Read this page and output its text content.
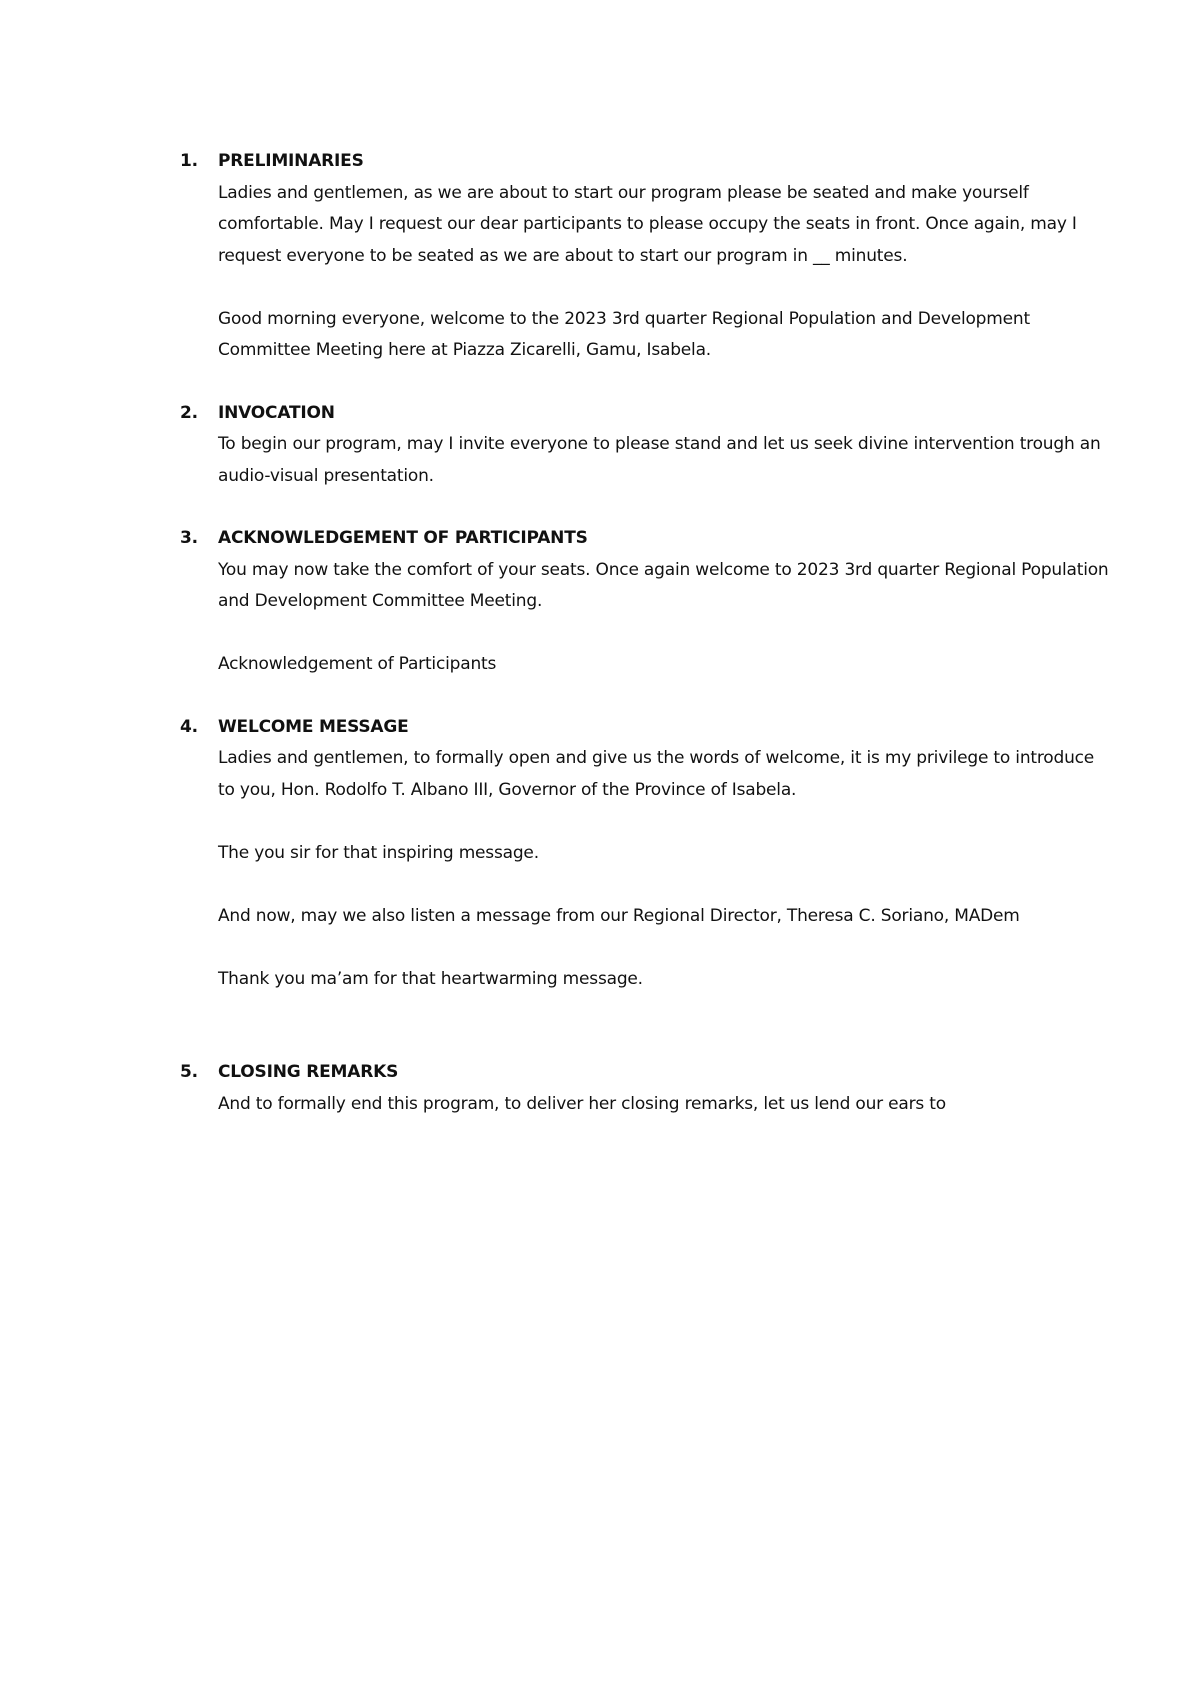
1.	PRELIMINARIES

Ladies and gentlemen, as we are about to start our program please be seated and make yourself comfortable. May I request our dear participants to please occupy the seats in front. Once again, may I request everyone to be seated as we are about to start our program in __ minutes.

Good morning everyone, welcome to the 2023 3rd quarter Regional Population and Development Committee Meeting here at Piazza Zicarelli, Gamu, Isabela.

2.	INVOCATION

To begin our program, may I invite everyone to please stand and let us seek divine intervention trough an audio-visual presentation.

3.	ACKNOWLEDGEMENT OF PARTICIPANTS

You may now take the comfort of your seats. Once again welcome to 2023 3rd quarter Regional Population and Development Committee Meeting.

Acknowledgement of Participants

4.	WELCOME MESSAGE

Ladies and gentlemen, to formally open and give us the words of welcome, it is my privilege to introduce to you, Hon. Rodolfo T. Albano III, Governor of the Province of Isabela.

The you sir for that inspiring message.

And now, may we also listen a message from our Regional Director, Theresa C. Soriano, MADem

Thank you ma’am for that heartwarming message.

5.	CLOSING REMARKS

And to formally end this program, to deliver her closing remarks, let us lend our ears to
